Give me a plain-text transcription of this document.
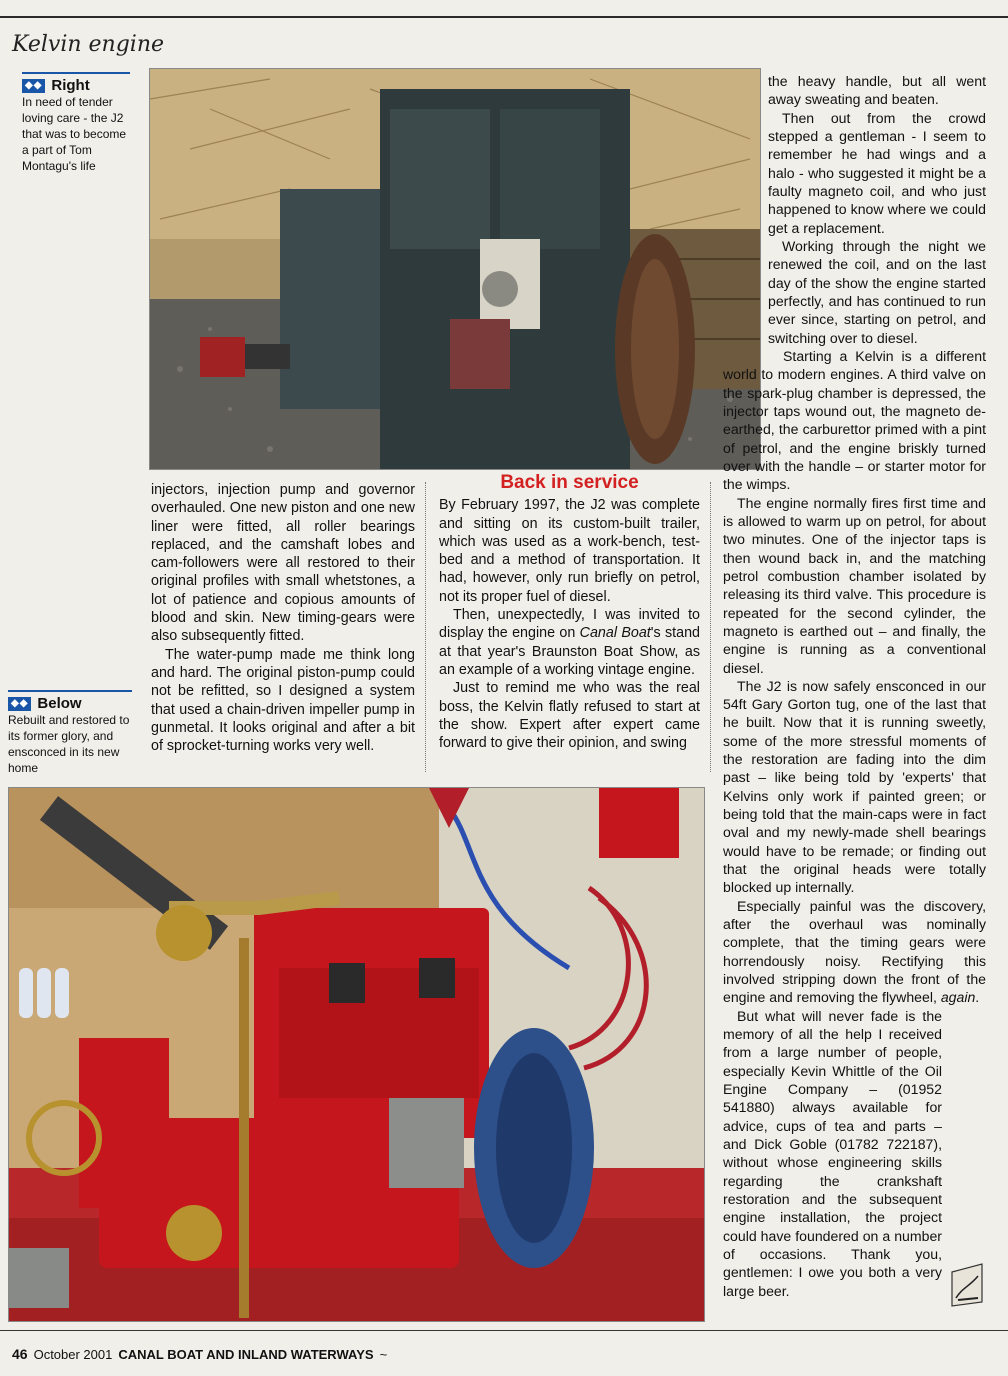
Kelvin engine
◆◆ Right
In need of tender loving care - the J2 that was to become a part of Tom Montagu's life

injectors, injection pump and governor overhauled. One new piston and one new liner were fitted, all roller bearings replaced, and the camshaft lobes and cam-followers were all restored to their original profiles with small whetstones, a lot of patience and copious amounts of blood and skin. New timing-gears were also subsequently fitted.

The water-pump made me think long and hard. The original piston-pump could not be refitted, so I designed a system that used a chain-driven impeller pump in gunmetal. It looks original and after a bit of sprocket-turning works very well.

◆◆ Below
Rebuilt and restored to its former glory, and ensconced in its new home
Back in service

By February 1997, the J2 was complete and sitting on its custom-built trailer, which was used as a work-bench, test-bed and a method of transportation. It had, however, only run briefly on petrol, not its proper fuel of diesel.

Then, unexpectedly, I was invited to display the engine on Canal Boat's stand at that year's Braunston Boat Show, as an example of a working vintage engine.

Just to remind me who was the real boss, the Kelvin flatly refused to start at the show. Expert after expert came forward to give their opinion, and swing

the heavy handle, but all went away sweating and beaten.

Then out from the crowd stepped a gentleman - I seem to remember he had wings and a halo - who suggested it might be a faulty magneto coil, and who just happened to know where we could get a replacement.

Working through the night we renewed the coil, and on the last day of the show the engine started perfectly, and has continued to run ever since, starting on petrol, and switching over to diesel.

Starting a Kelvin is a different world to modern engines. A third valve on the spark-plug chamber is depressed, the injector taps wound out, the magneto de-earthed, the carburettor primed with a pint of petrol, and the engine briskly turned over with the handle – or starter motor for the wimps.

The engine normally fires first time and is allowed to warm up on petrol, for about two minutes. One of the injector taps is then wound back in, and the matching petrol combustion chamber isolated by releasing its third valve. This procedure is repeated for the second cylinder, the magneto is earthed out – and finally, the engine is running as a conventional diesel.

The J2 is now safely ensconced in our 54ft Gary Gorton tug, one of the last that he built. Now that it is running sweetly, some of the more stressful moments of the restoration are fading into the dim past – like being told by 'experts' that Kelvins only work if painted green; or being told that the main-caps were in fact oval and my newly-made shell bearings would have to be remade; or finding out that the original heads were totally blocked up internally.

Especially painful was the discovery, after the overhaul was nominally complete, that the timing gears were horrendously noisy. Rectifying this involved stripping down the front of the engine and removing the flywheel, again.

But what will never fade is the memory of all the help I received from a large number of people, especially Kevin Whittle of the Oil Engine Company – (01952 541880) always available for advice, cups of tea and parts – and Dick Goble (01782 722187), without whose engineering skills regarding the crankshaft restoration and the subsequent engine installation, the project could have foundered on a number of occasions. Thank you, gentlemen: I owe you both a very large beer.

46 October 2001 CANAL BOAT AND INLAND WATERWAYS ~
